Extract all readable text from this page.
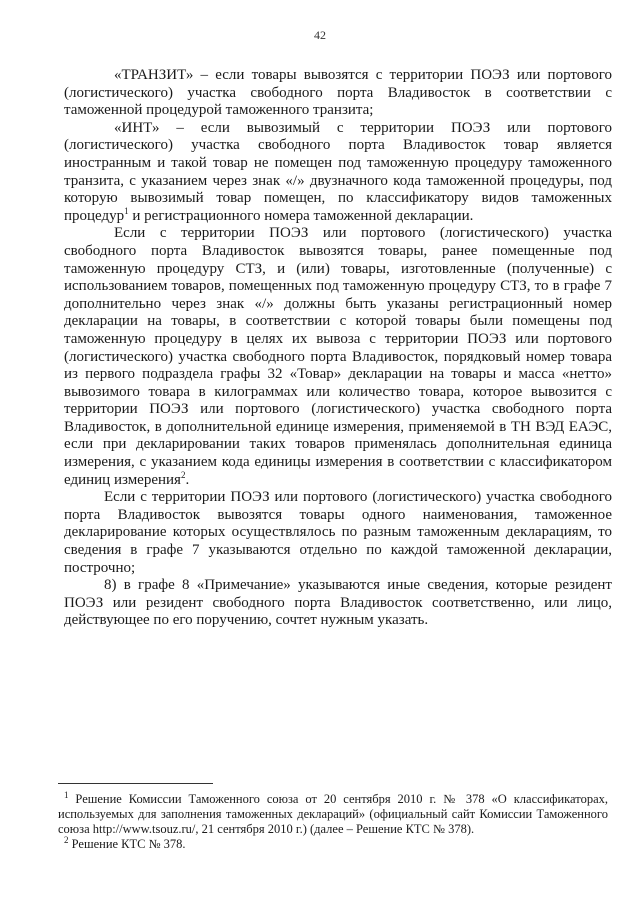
42

«ТРАНЗИТ» – если товары вывозятся с территории ПОЭЗ или портового (логистического) участка свободного порта Владивосток в соответствии с таможенной процедурой таможенного транзита;

«ИНТ» – если вывозимый с территории ПОЭЗ или портового (логистического) участка свободного порта Владивосток товар является иностранным и такой товар не помещен под таможенную процедуру таможенного транзита, с указанием через знак «/» двузначного кода таможенной процедуры, под которую вывозимый товар помещен, по классификатору видов таможенных процедур$^1$ и регистрационного номера таможенной декларации.

Если с территории ПОЭЗ или портового (логистического) участка свободного порта Владивосток вывозятся товары, ранее помещенные под таможенную процедуру СТЗ, и (или) товары, изготовленные (полученные) с использованием товаров, помещенных под таможенную процедуру СТЗ, то в графе 7 дополнительно через знак «/» должны быть указаны регистрационный номер декларации на товары, в соответствии с которой товары были помещены под таможенную процедуру в целях их вывоза с территории ПОЭЗ или портового (логистического) участка свободного порта Владивосток, порядковый номер товара из первого подраздела графы 32 «Товар» декларации на товары и масса «нетто» вывозимого товара в килограммах или количество товара, которое вывозится с территории ПОЭЗ или портового (логистического) участка свободного порта Владивосток, в дополнительной единице измерения, применяемой в ТН ВЭД ЕАЭС, если при декларировании таких товаров применялась дополнительная единица измерения, с указанием кода единицы измерения в соответствии с классификатором единиц измерения$^2$.

Если с территории ПОЭЗ или портового (логистического) участка свободного порта Владивосток вывозятся товары одного наименования, таможенное декларирование которых осуществлялось по разным таможенным декларациям, то сведения в графе 7 указываются отдельно по каждой таможенной декларации, построчно;

8) в графе 8 «Примечание» указываются иные сведения, которые резидент ПОЭЗ или резидент свободного порта Владивосток соответственно, или лицо, действующее по его поручению, сочтет нужным указать.

$^1$ Решение Комиссии Таможенного союза от 20 сентября 2010 г. № 378 «О классификаторах, используемых для заполнения таможенных деклараций» (официальный сайт Комиссии Таможенного союза http://www.tsouz.ru/, 21 сентября 2010 г.) (далее – Решение КТС № 378).

$^2$ Решение КТС № 378.
